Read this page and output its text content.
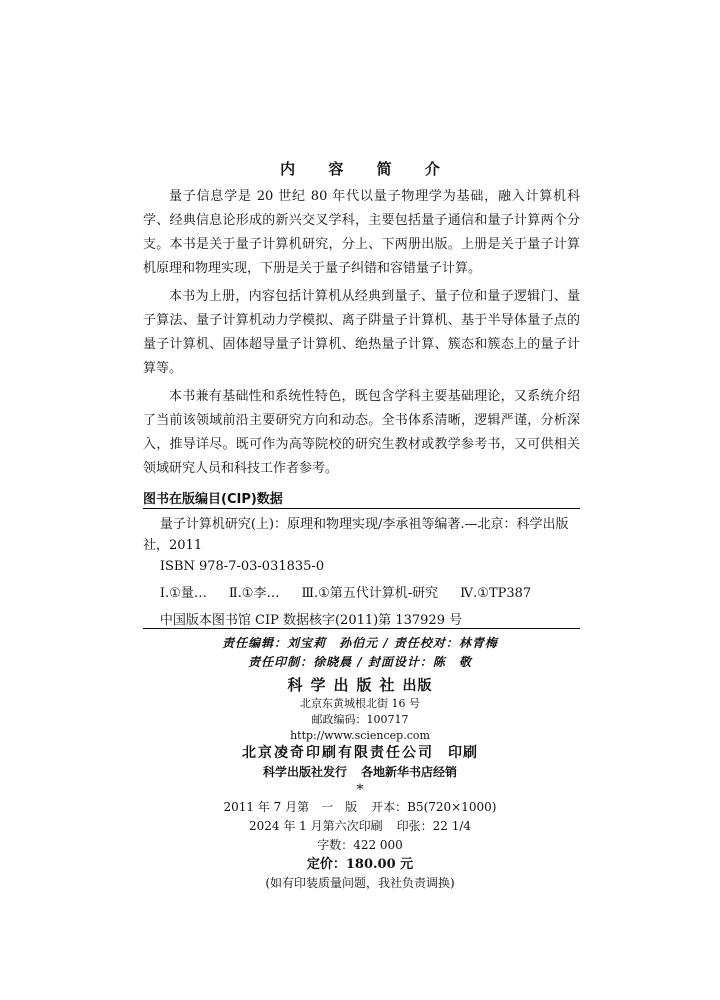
内 容 简 介

量子信息学是 20 世纪 80 年代以量子物理学为基础，融入计算机科学、经典信息论形成的新兴交叉学科，主要包括量子通信和量子计算两个分支。本书是关于量子计算机研究，分上、下两册出版。上册是关于量子计算机原理和物理实现，下册是关于量子纠错和容错量子计算。

本书为上册，内容包括计算机从经典到量子、量子位和量子逻辑门、量子算法、量子计算机动力学模拟、离子阱量子计算机、基于半导体量子点的量子计算机、固体超导量子计算机、绝热量子计算、簇态和簇态上的量子计算等。

本书兼有基础性和系统性特色，既包含学科主要基础理论，又系统介绍了当前该领域前沿主要研究方向和动态。全书体系清晰，逻辑严谨，分析深入，推导详尽。既可作为高等院校的研究生教材或教学参考书，又可供相关领域研究人员和科技工作者参考。

图书在版编目(CIP)数据
量子计算机研究(上)：原理和物理实现/李承祖等编著.—北京：科学出版社，2011
ISBN 978-7-03-031835-0
Ⅰ.①量… Ⅱ.①李… Ⅲ.①第五代计算机-研究 Ⅳ.①TP387
中国版本图书馆 CIP 数据核字(2011)第 137929 号
责任编辑：刘宝莉　孙伯元 / 责任校对：林青梅
责任印制：徐晓晨 / 封面设计：陈　敬
科学出版社出版
北京东黄城根北街 16 号
邮政编码：100717
http://www.sciencep.com
北京凌奇印刷有限责任公司 印刷
科学出版社发行 各地新华书店经销
*
2011 年 7 月第　一　版 开本：B5(720×1000)
2024 年 1 月第六次印刷 印张：22 1/4
字数：422 000
定价：180.00 元
(如有印装质量问题，我社负责调换)
